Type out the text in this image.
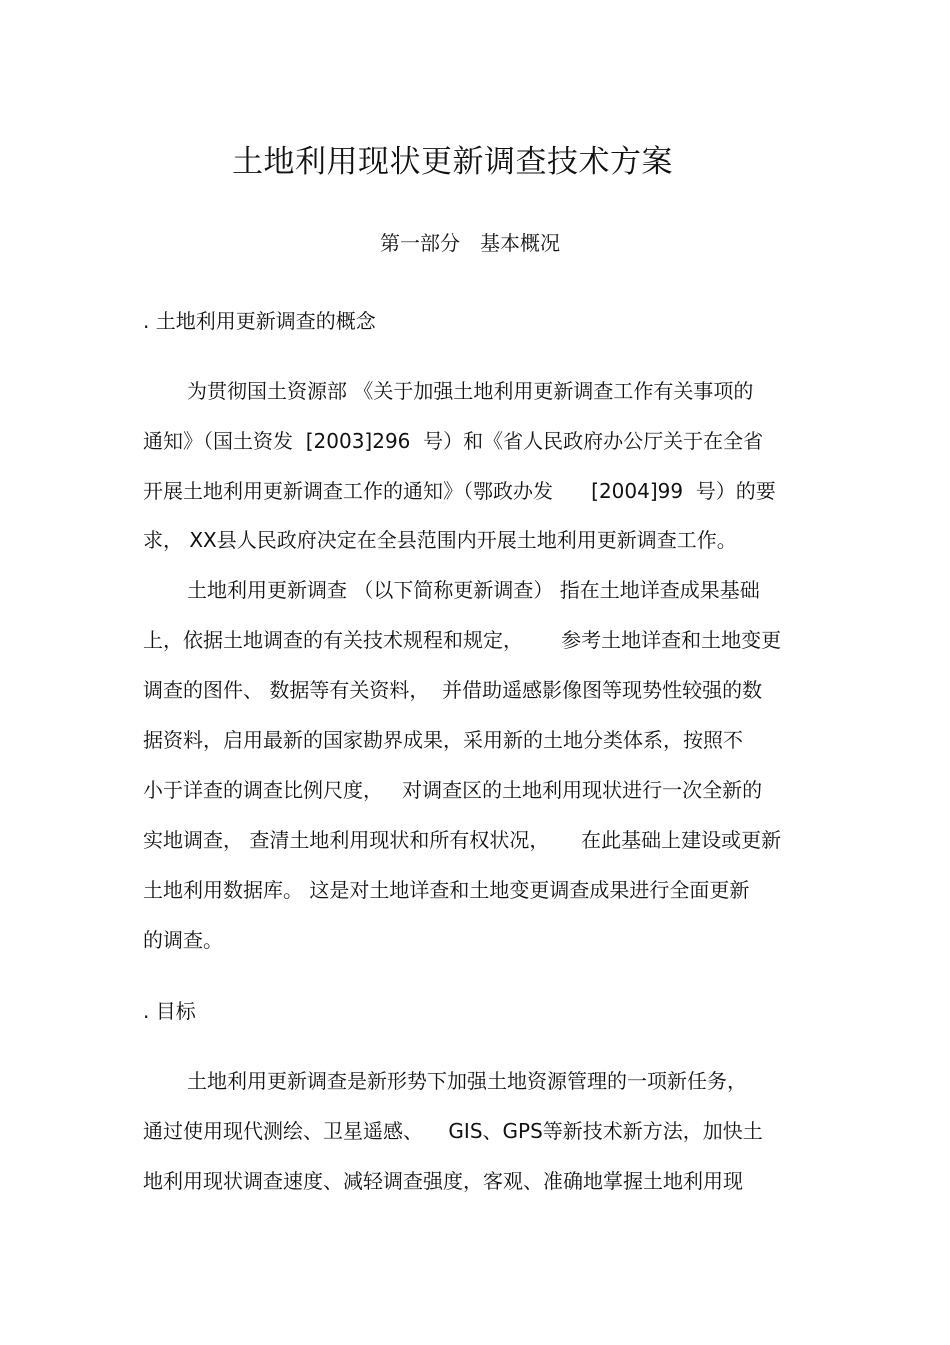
土地利用现状更新调查技术方案
第一部分　基本概况
. 土地利用更新调查的概念
为贯彻国土资源部 《关于加强土地利用更新调查工作有关事项的
通知》（国土资发  [2003]296  号）和《省人民政府办公厅关于在全省
开展土地利用更新调查工作的通知》（鄂政办发      [2004]99  号）的要
求， XX县人民政府决定在全县范围内开展土地利用更新调查工作。
土地利用更新调查 （以下简称更新调查） 指在土地详查成果基础
上，依据土地调查的有关技术规程和规定，      参考土地详查和土地变更
调查的图件、 数据等有关资料，  并借助遥感影像图等现势性较强的数
据资料，启用最新的国家勘界成果，采用新的土地分类体系，按照不
小于详查的调查比例尺度，   对调查区的土地利用现状进行一次全新的
实地调查， 查清土地利用现状和所有权状况，     在此基础上建设或更新
土地利用数据库。 这是对土地详查和土地变更调查成果进行全面更新
的调查。
. 目标
土地利用更新调查是新形势下加强土地资源管理的一项新任务，
通过使用现代测绘、卫星遥感、    GIS、GPS等新技术新方法，加快土
地利用现状调查速度、减轻调查强度，客观、准确地掌握土地利用现
